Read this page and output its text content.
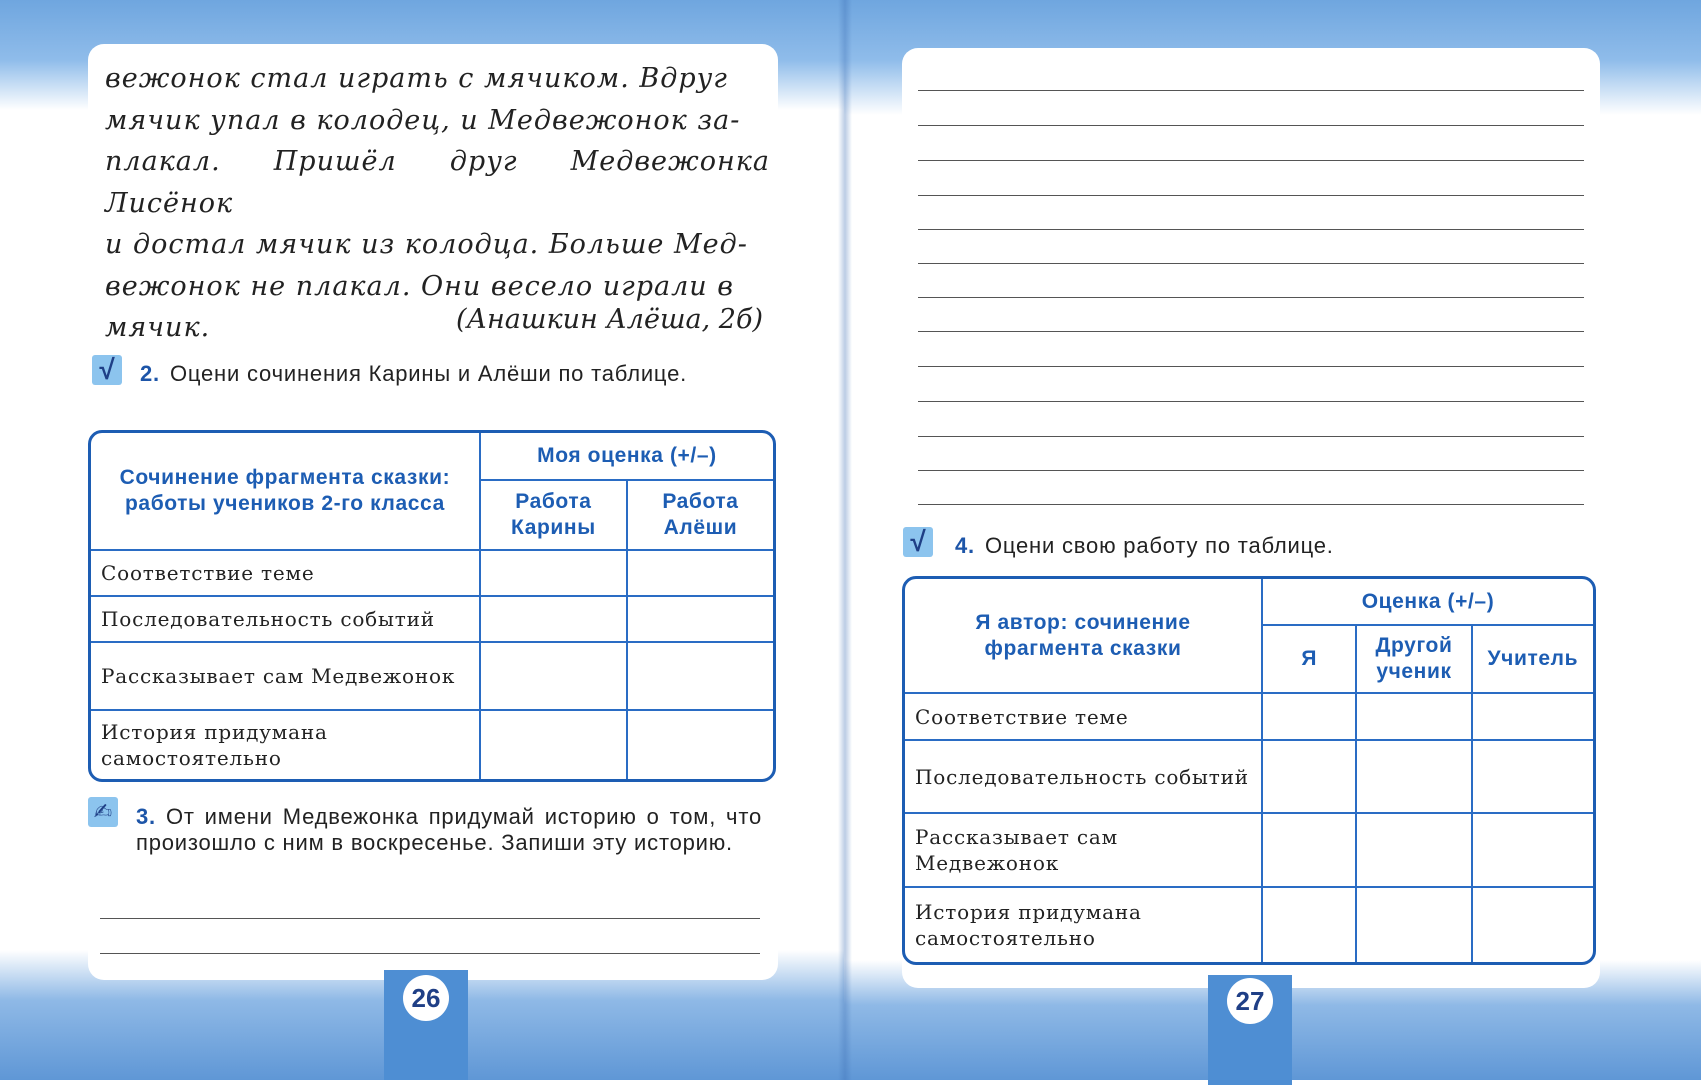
вежонок стал играть с мячиком. Вдруг
мячик упал в колодец, и Медвежонок за-
плакал. Пришёл друг Медвежонка Лисёнок
и достал мячик из колодца. Больше Мед-
вежонок не плакал. Они весело играли в
мячик.	(Анашкин Алёша, 2б)
√	2. Оцени сочинения Карины и Алёши по таблице.
Сочинение фрагмента сказки: работы учеников 2-го класса	Моя оценка (+/–)	
	Работа Карины	Работа Алёши
Соответствие теме		
Последовательность событий		
Рассказывает сам Медвежонок		
История придумана самостоятельно		
✍ 3. От имени Медвежонка придумай историю о том, что произошло с ним в воскресенье. Запиши эту историю.
26
√	4. Оцени свою работу по таблице.
Я автор: сочинение фрагмента сказки	Оценка (+/–)		
	Я	Другой ученик	Учитель
Соответствие теме			
Последовательность событий			
Рассказывает сам Медвежонок			
История придумана самостоятельно			
27
